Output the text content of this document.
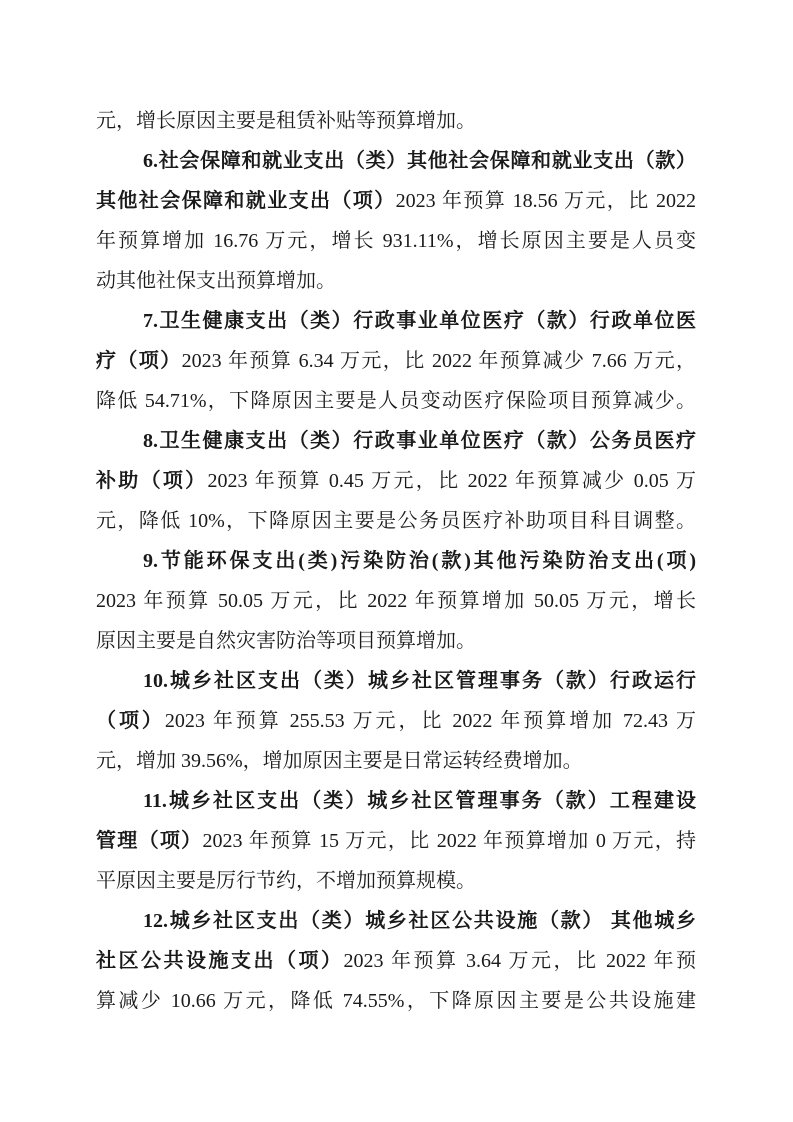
元，增长原因主要是租赁补贴等预算增加。
6.社会保障和就业支出（类）其他社会保障和就业支出（款）
其他社会保障和就业支出（项）2023 年预算 18.56 万元，比 2022
年预算增加 16.76 万元，增长 931.11%，增长原因主要是人员变
动其他社保支出预算增加。
7.卫生健康支出（类）行政事业单位医疗（款）行政单位医
疗（项）2023 年预算 6.34 万元，比 2022 年预算减少 7.66 万元，
降低 54.71%，下降原因主要是人员变动医疗保险项目预算减少。
8.卫生健康支出（类）行政事业单位医疗（款）公务员医疗
补助（项）2023 年预算 0.45 万元，比 2022 年预算减少 0.05 万
元，降低 10%，下降原因主要是公务员医疗补助项目科目调整。
9.节能环保支出(类)污染防治(款)其他污染防治支出(项)
2023 年预算 50.05 万元，比 2022 年预算增加 50.05 万元，增长
原因主要是自然灾害防治等项目预算增加。
10.城乡社区支出（类）城乡社区管理事务（款）行政运行
（项）2023 年预算 255.53 万元，比 2022 年预算增加 72.43 万
元，增加 39.56%，增加原因主要是日常运转经费增加。
11.城乡社区支出（类）城乡社区管理事务（款）工程建设
管理（项）2023 年预算 15 万元，比 2022 年预算增加 0 万元，持
平原因主要是厉行节约，不增加预算规模。
12.城乡社区支出（类）城乡社区公共设施（款） 其他城乡
社区公共设施支出（项）2023 年预算 3.64 万元，比 2022 年预
算减少 10.66 万元，降低 74.55%，下降原因主要是公共设施建
